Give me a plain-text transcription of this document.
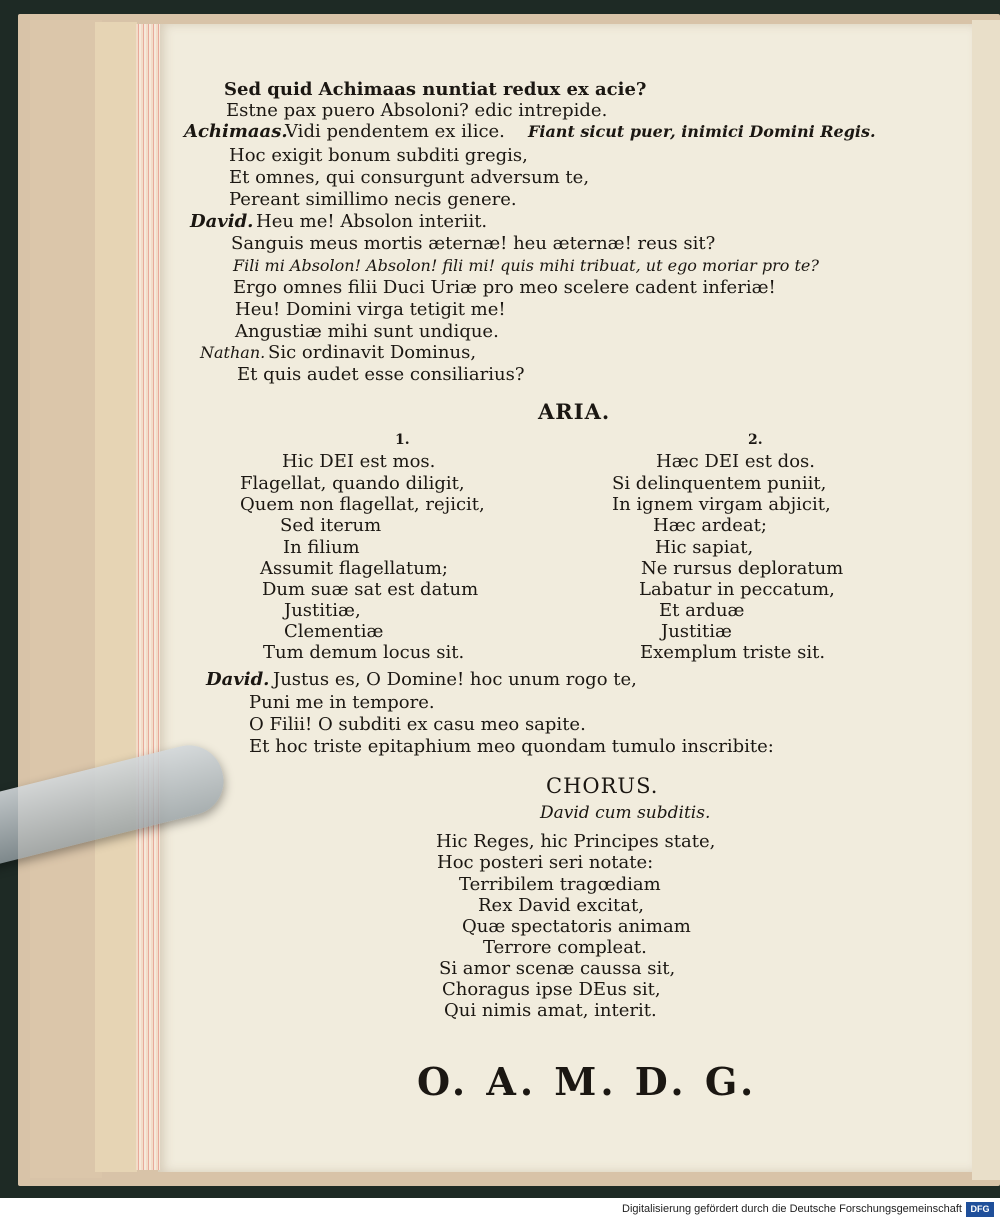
Sed quid Achimaas nuntiat redux ex acie?
Estne pax puero Absoloni? edic intrepide.
Achimaas.
Vidi pendentem ex ilice. Fiant sicut puer, inimici Domini Regis.
Hoc exigit bonum subditi gregis,
Et omnes, qui consurgunt adversum te,
Pereant simillimo necis genere.
David. Heu me! Absolon interiit.
Sanguis meus mortis æternæ! heu æternæ! reus sit?
Fili mi Absolon! Absolon! fili mi! quis mihi tribuat, ut ego moriar pro te?
Ergo omnes filii Duci Uriæ pro meo scelere cadent inferiæ!
Heu! Domini virga tetigit me!
Angustiæ mihi sunt undique.
Nathan. Sic ordinavit Dominus,
Et quis audet esse consiliarius?
ARIA.
1.	2.
Hic DEI est mos.
Flagellat, quando diligit,
Quem non flagellat, rejicit,
Sed iterum
In filium
Assumit flagellatum;
Dum suæ sat est datum
Justitiæ,
Clementiæ
Tum demum locus sit.
Hæc DEI est dos.
Si delinquentem puniit,
In ignem virgam abjicit,
Hæc ardeat;
Hic sapiat,
Ne rursus deploratum
Labatur in peccatum,
Et arduæ
Justitiæ
Exemplum triste sit.
David. Justus es, O Domine! hoc unum rogo te,
Puni me in tempore.
O Filii! O subditi ex casu meo sapite.
Et hoc triste epitaphium meo quondam tumulo inscribite:
CHORUS.
David cum subditis.
Hic Reges, hic Principes state,
Hoc posteri seri notate:
Terribilem tragœdiam
Rex David excitat,
Quæ spectatoris animam
Terrore compleat.
Si amor scenæ caussa sit,
Choragus ipse DEus sit,
Qui nimis amat, interit.
O. A. M. D. G.
Digitalisierung gefördert durch die Deutsche Forschungsgemeinschaft DFG
